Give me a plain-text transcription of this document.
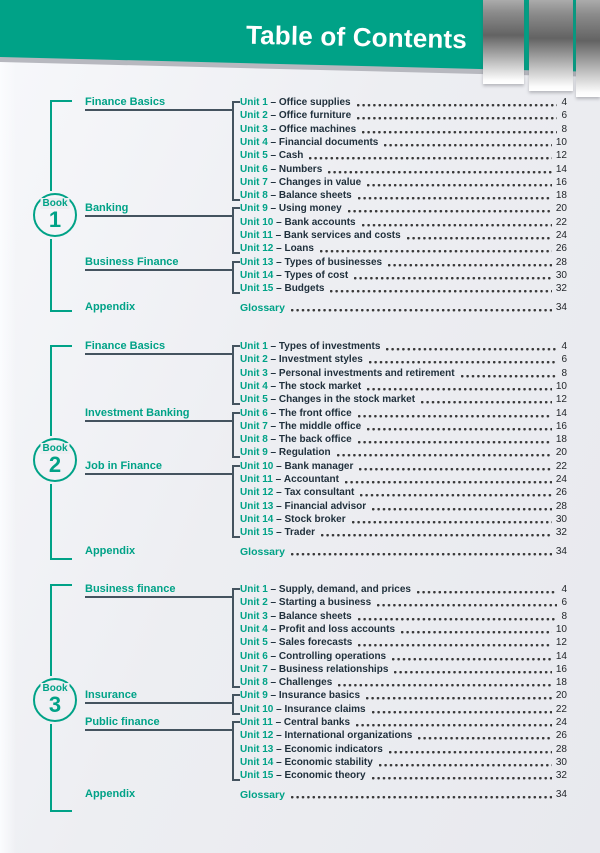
Table of Contents
Book
1
Finance Basics
Banking
Business Finance
Appendix
Unit 1 – Office supplies	4
Unit 2 – Office furniture	6
Unit 3 – Office machines	8
Unit 4 – Financial documents	10
Unit 5 – Cash	12
Unit 6 – Numbers	14
Unit 7 – Changes in value	16
Unit 8 – Balance sheets	18
Unit 9 – Using money	20
Unit 10 – Bank accounts	22
Unit 11 – Bank services and costs	24
Unit 12 – Loans	26
Unit 13 – Types of businesses	28
Unit 14 – Types of cost	30
Unit 15 – Budgets	32
Glossary	34
Book
2
Finance Basics
Investment Banking
Job in Finance
Appendix
Unit 1 – Types of investments	4
Unit 2 – Investment styles	6
Unit 3 – Personal investments and retirement	8
Unit 4 – The stock market	10
Unit 5 – Changes in the stock market	12
Unit 6 – The front office	14
Unit 7 – The middle office	16
Unit 8 – The back office	18
Unit 9 – Regulation	20
Unit 10 – Bank manager	22
Unit 11 – Accountant	24
Unit 12 – Tax consultant	26
Unit 13 – Financial advisor	28
Unit 14 – Stock broker	30
Unit 15 – Trader	32
Glossary	34
Book
3
Business finance
Insurance
Public finance
Appendix
Unit 1 – Supply, demand, and prices	4
Unit 2 – Starting a business	6
Unit 3 – Balance sheets	8
Unit 4 – Profit and loss accounts	10
Unit 5 – Sales forecasts	12
Unit 6 – Controlling operations	14
Unit 7 – Business relationships	16
Unit 8 – Challenges	18
Unit 9 – Insurance basics	20
Unit 10 – Insurance claims	22
Unit 11 – Central banks	24
Unit 12 – International organizations	26
Unit 13 – Economic indicators	28
Unit 14 – Economic stability	30
Unit 15 – Economic theory	32
Glossary	34
